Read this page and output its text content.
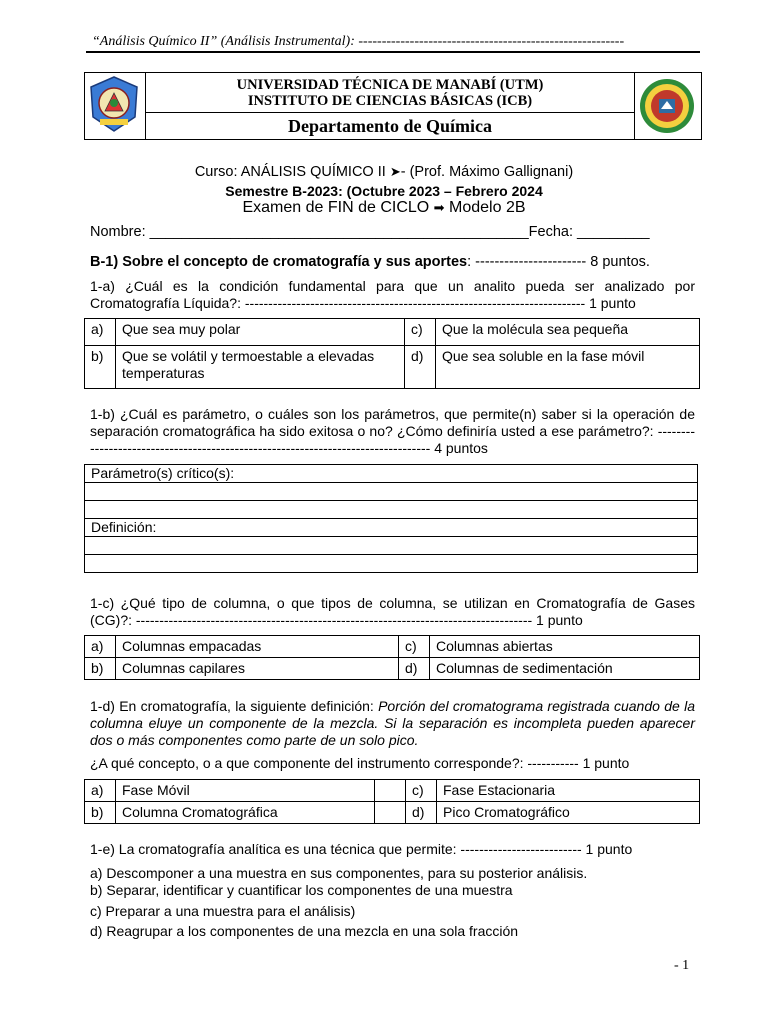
“Análisis Químico II” (Análisis Instrumental): ---------------------------------------------------------
UNIVERSIDAD TÉCNICA DE MANABÍ (UTM)
INSTITUTO DE CIENCIAS BÁSICAS (ICB)
Departamento de Química
Curso: ANÁLISIS QUÍMICO II ➤- (Prof. Máximo Gallignani)
Semestre B-2023: (Octubre 2023 – Febrero 2024
Examen de FIN de CICLO ➡ Modelo 2B
Nombre: _______________________________________________Fecha: _________
B-1) Sobre el concepto de cromatografía y sus aportes: ----------------------- 8 puntos.
1-a) ¿Cuál es la condición fundamental para que un analito pueda ser analizado por Cromatografía Líquida?: ------------------------------------------------------------------------- 1 punto
a)	Que sea muy polar	c)	Que la molécula sea pequeña
b)	Que se volátil y termoestable a elevadas temperaturas	d)	Que sea soluble en la fase móvil
1-b) ¿Cuál es parámetro, o cuáles son los parámetros, que permite(n) saber si la operación de separación cromatográfica ha sido exitosa o no? ¿Cómo definiría usted a ese parámetro?: --------------------------------------------------------------------------------- 4 puntos
Parámetro(s) crítico(s):
Definición:
1-c) ¿Qué tipo de columna, o que tipos de columna, se utilizan en Cromatografía de Gases (CG)?: ------------------------------------------------------------------------------------- 1 punto
a)	Columnas empacadas	c)	Columnas abiertas
b)	Columnas capilares	d)	Columnas de sedimentación
1-d) En cromatografía, la siguiente definición: Porción del cromatograma registrada cuando de la columna eluye un componente de la mezcla. Si la separación es incompleta pueden aparecer dos o más componentes como parte de un solo pico.
¿A qué concepto, o a que componente del instrumento corresponde?: ----------- 1 punto
a)	Fase Móvil		c)	Fase Estacionaria
b)	Columna Cromatográfica		d)	Pico Cromatográfico
1-e) La cromatografía analítica es una técnica que permite: -------------------------- 1 punto
a) Descomponer a una muestra en sus componentes, para su posterior análisis.
b) Separar, identificar y cuantificar los componentes de una muestra
c) Preparar a una muestra para el análisis)
d) Reagrupar a los componentes de una mezcla en una sola fracción
- 1
